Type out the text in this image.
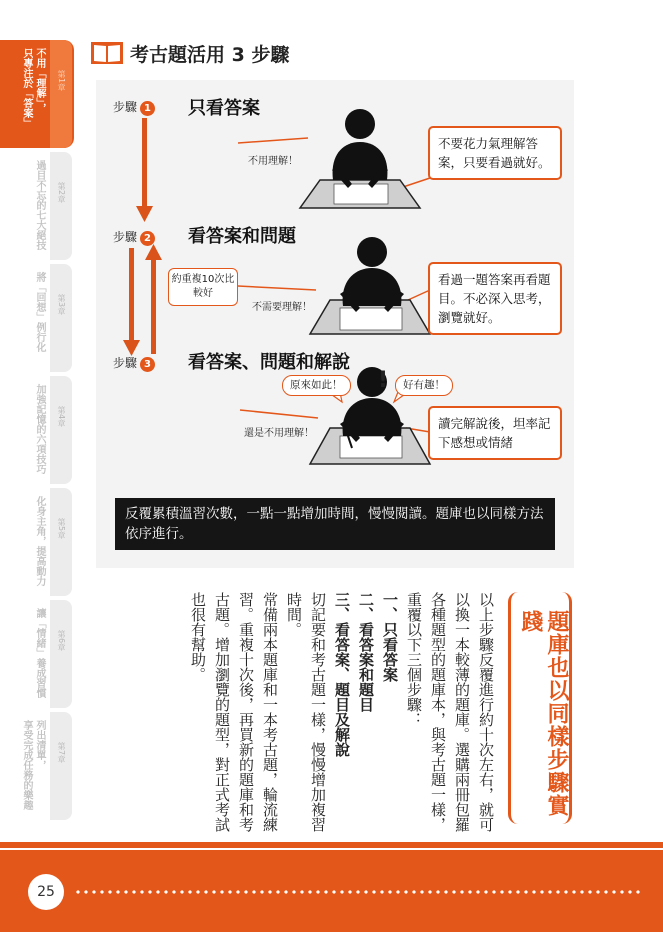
不用「理解」，
只專注於「答案」	第1章
過目不忘的七大絕技 第2章
將「回想」例行化 第3章
加強記憶的六項技巧 第4章
化身主角，提高動力 第5章
讓「情緒」養成習慣 第6章
列出清單，
享受完成任務的樂趣	第7章
考古題活用 3 步驟
步驟 1 只看答案
不用理解！
不要花力氣理解答案，只要看過就好。
步驟 2 看答案和問題
約重複10次比較好
不需要理解！
看過一題答案再看題目。不必深入思考，瀏覽就好。
步驟 3 看答案、問題和解說
原來如此！	好有趣！
!
還是不用理解！
讀完解說後，坦率記下感想或情緒
反覆累積溫習次數，一點一點增加時間，慢慢閱讀。題庫也以同樣方法依序進行。
題庫也以同樣步驟實踐

以上步驟反覆進行約十次左右，就可以換一本較薄的題庫。選購兩冊包羅各種題型的題庫本，與考古題一樣，重覆以下三個步驟：

一、只看答案

二、看答案和題目

三、看答案、題目及解說

切記要和考古題一樣，慢慢增加複習時間。

常備兩本題庫和一本考古題，輪流練習。重複十次後，再買新的題庫和考古題。增加瀏覽的題型，對正式考試也很有幫助。

25
